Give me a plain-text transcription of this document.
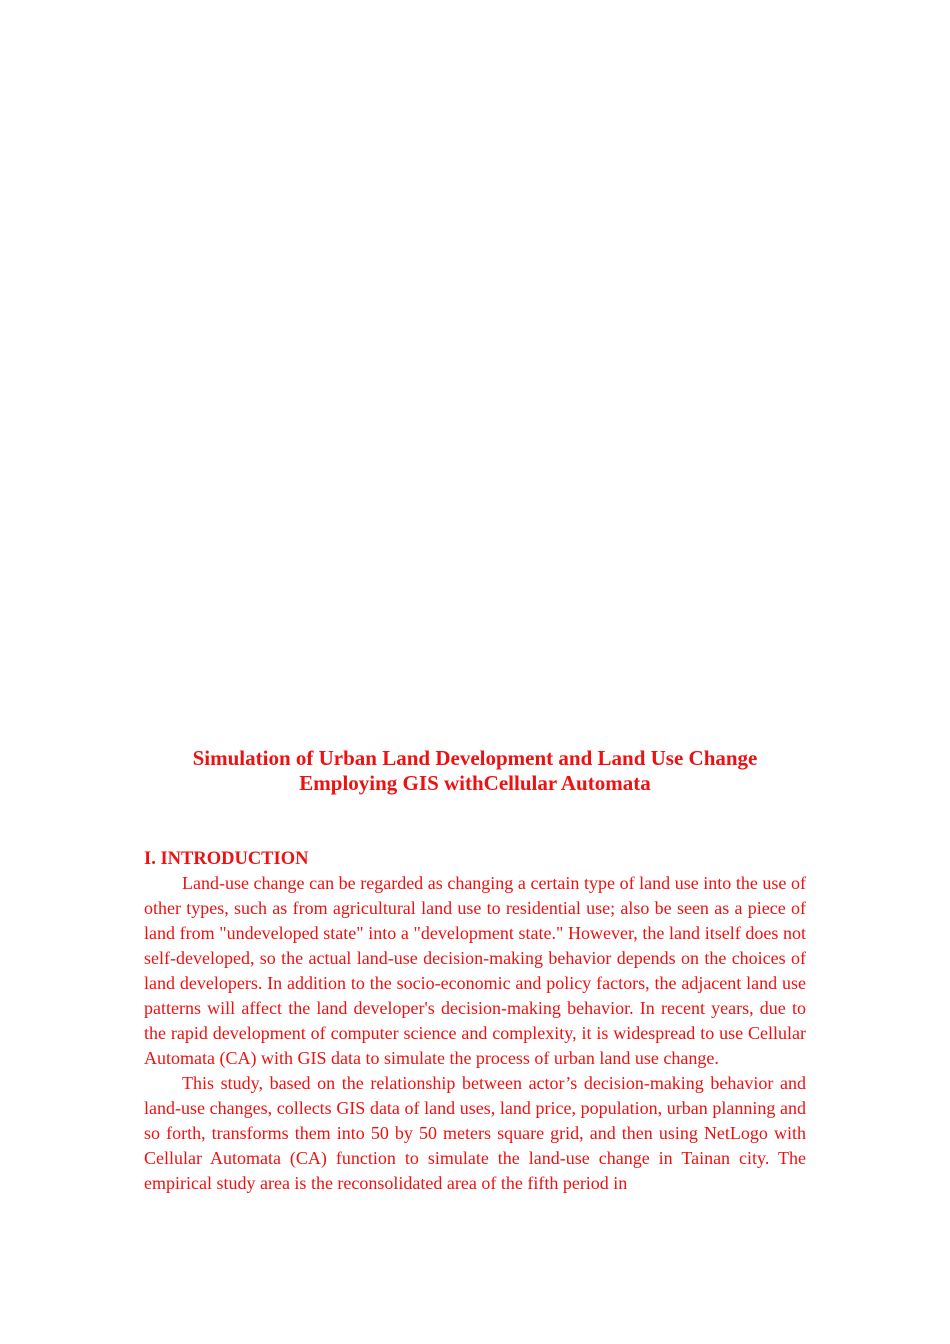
Simulation of Urban Land Development and Land Use Change
Employing GIS withCellular Automata
I. INTRODUCTION

Land-use change can be regarded as changing a certain type of land use into the use of other types, such as from agricultural land use to residential use; also be seen as a piece of land from "undeveloped state" into a "development state." However, the land itself does not self-developed, so the actual land-use decision-making behavior depends on the choices of land developers. In addition to the socio-economic and policy factors, the adjacent land use patterns will affect the land developer's decision-making behavior. In recent years, due to the rapid development of computer science and complexity, it is widespread to use Cellular Automata (CA) with GIS data to simulate the process of urban land use change.

This study, based on the relationship between actor’s decision-making behavior and land-use changes, collects GIS data of land uses, land price, population, urban planning and so forth, transforms them into 50 by 50 meters square grid, and then using NetLogo with Cellular Automata (CA) function to simulate the land-use change in Tainan city. The empirical study area is the reconsolidated area of the fifth period in
